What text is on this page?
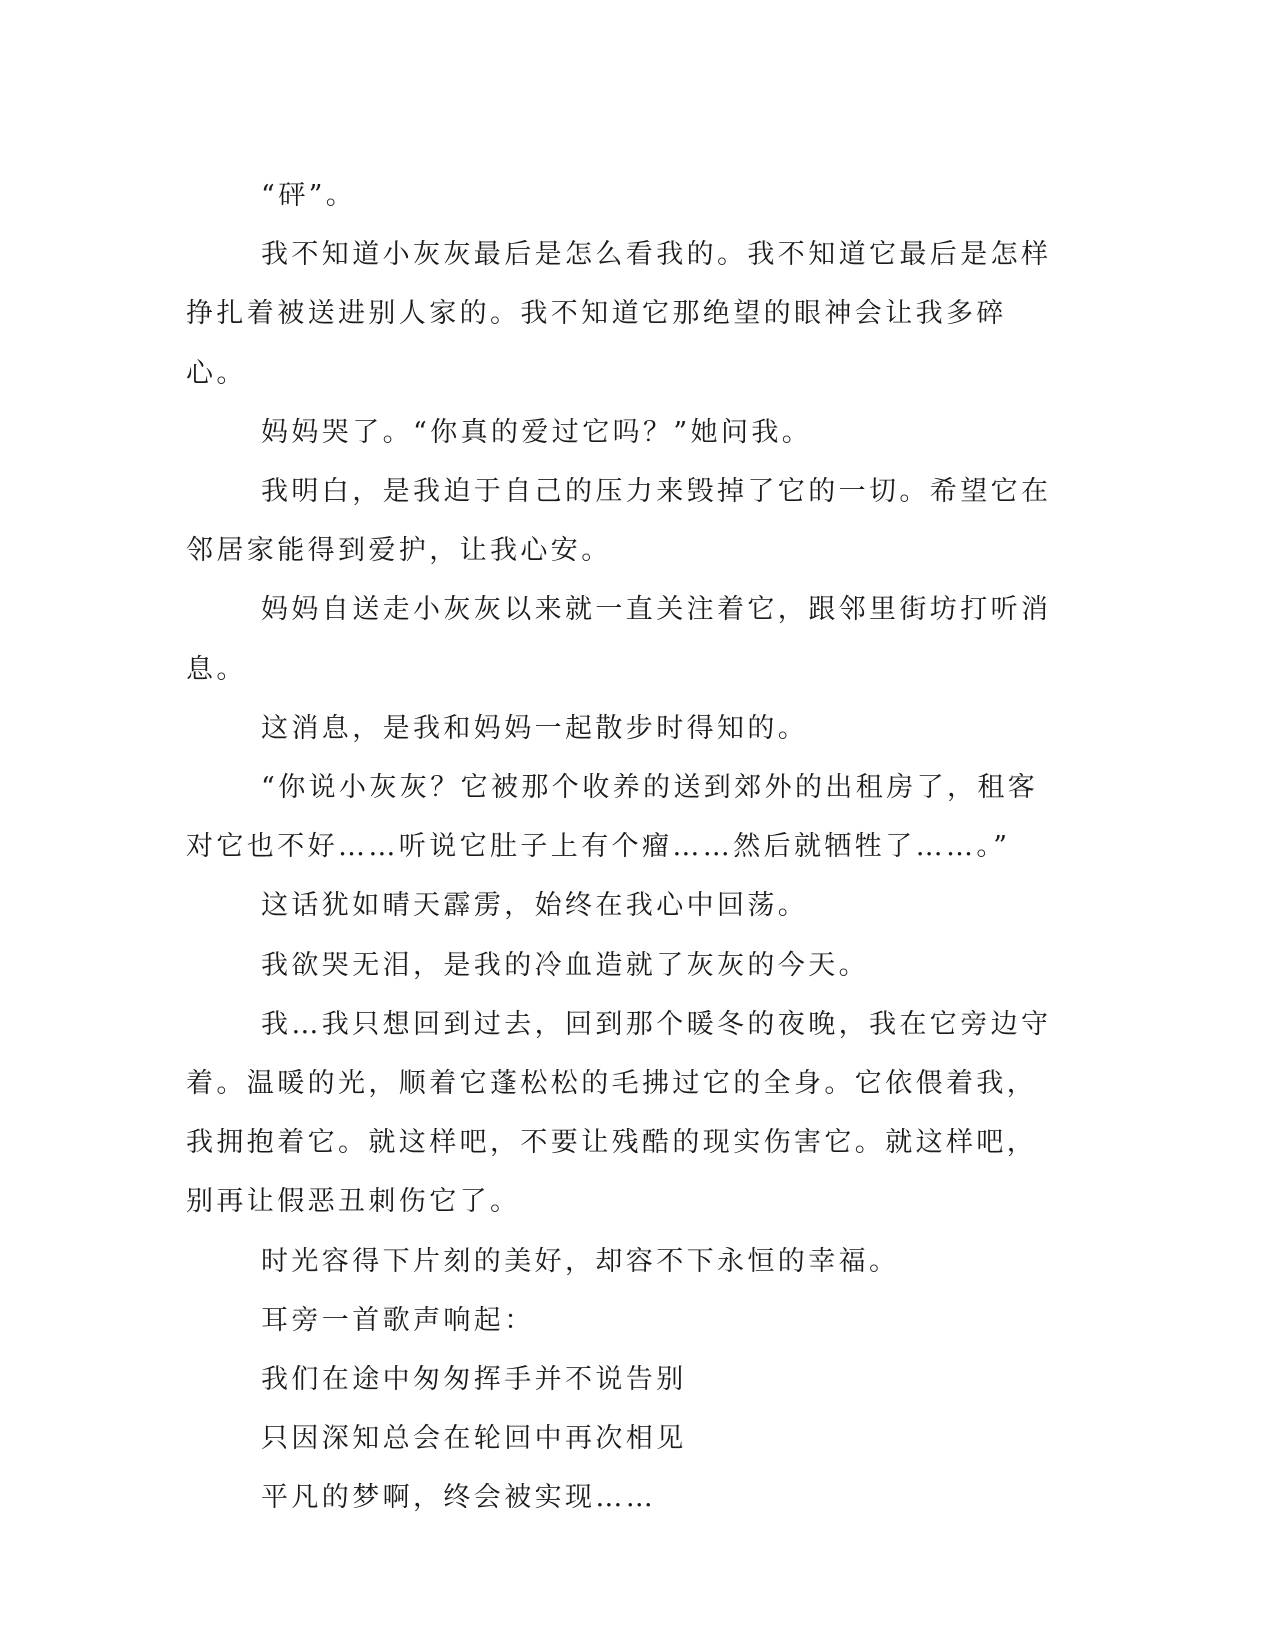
“砰”。

我不知道小灰灰最后是怎么看我的。我不知道它最后是怎样挣扎着被送进别人家的。我不知道它那绝望的眼神会让我多碎心。

妈妈哭了。“你真的爱过它吗？”她问我。

我明白，是我迫于自己的压力来毁掉了它的一切。希望它在邻居家能得到爱护，让我心安。

妈妈自送走小灰灰以来就一直关注着它，跟邻里街坊打听消息。

这消息，是我和妈妈一起散步时得知的。

“你说小灰灰？它被那个收养的送到郊外的出租房了，租客对它也不好……听说它肚子上有个瘤……然后就牺牲了……。”

这话犹如晴天霹雳，始终在我心中回荡。

我欲哭无泪，是我的冷血造就了灰灰的今天。

我…我只想回到过去，回到那个暖冬的夜晚，我在它旁边守着。温暖的光，顺着它蓬松松的毛拂过它的全身。它依偎着我，我拥抱着它。就这样吧，不要让残酷的现实伤害它。就这样吧，别再让假恶丑刺伤它了。

时光容得下片刻的美好，却容不下永恒的幸福。

耳旁一首歌声响起：

我们在途中匆匆挥手并不说告别

只因深知总会在轮回中再次相见

平凡的梦啊，终会被实现……
